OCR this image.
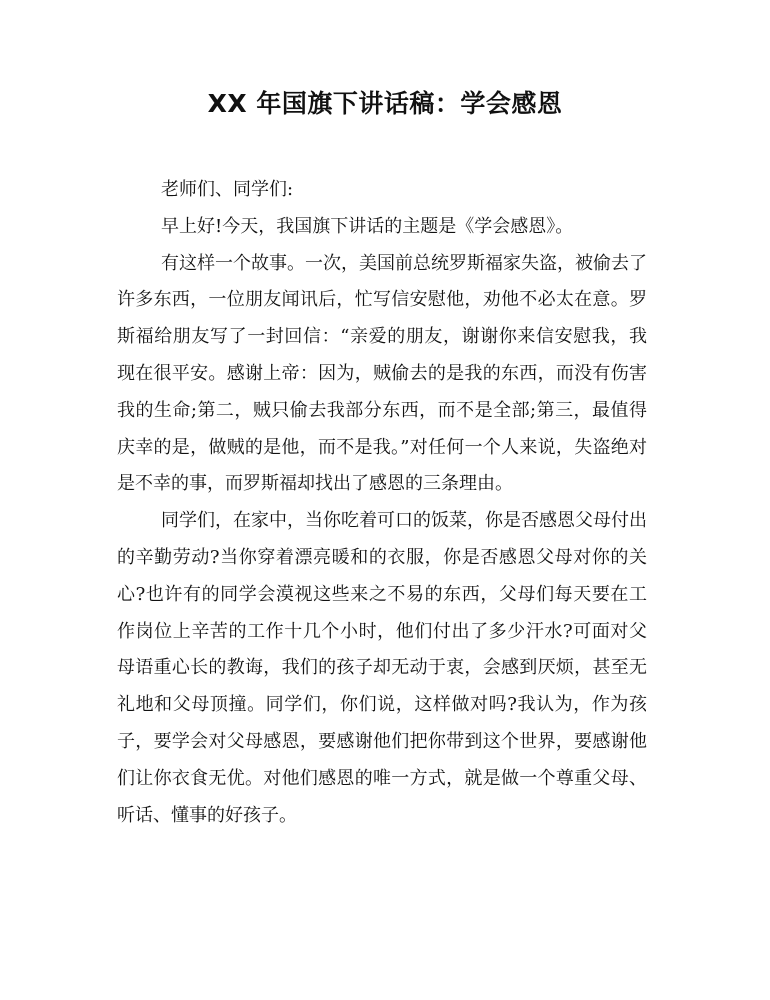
XX 年国旗下讲话稿：学会感恩

老师们、同学们:

早上好!今天，我国旗下讲话的主题是《学会感恩》。

有这样一个故事。一次，美国前总统罗斯福家失盗，被偷去了许多东西，一位朋友闻讯后，忙写信安慰他，劝他不必太在意。罗斯福给朋友写了一封回信：“亲爱的朋友，谢谢你来信安慰我，我现在很平安。感谢上帝：因为，贼偷去的是我的东西，而没有伤害我的生命;第二，贼只偷去我部分东西，而不是全部;第三，最值得庆幸的是，做贼的是他，而不是我。”对任何一个人来说，失盗绝对是不幸的事，而罗斯福却找出了感恩的三条理由。

同学们，在家中，当你吃着可口的饭菜，你是否感恩父母付出的辛勤劳动?当你穿着漂亮暖和的衣服，你是否感恩父母对你的关心?也许有的同学会漠视这些来之不易的东西，父母们每天要在工作岗位上辛苦的工作十几个小时，他们付出了多少汗水?可面对父母语重心长的教诲，我们的孩子却无动于衷，会感到厌烦，甚至无礼地和父母顶撞。同学们，你们说，这样做对吗?我认为，作为孩子，要学会对父母感恩，要感谢他们把你带到这个世界，要感谢他们让你衣食无优。对他们感恩的唯一方式，就是做一个尊重父母、听话、懂事的好孩子。
